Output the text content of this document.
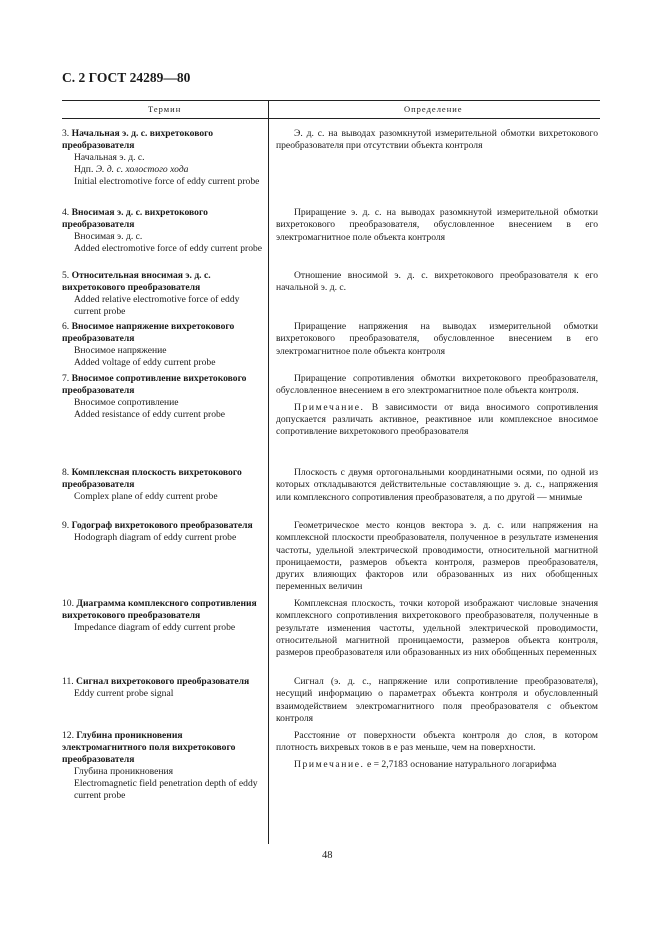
С. 2 ГОСТ 24289—80
Термин	Определение
3. Начальная э. д. с. вихретокового преобразователя
Начальная э. д. с.
Ндп. Э. д. с. холостого хода
Initial electromotive force of eddy current probe

Э. д. с. на выводах разомкнутой измерительной обмотки вихретокового преобразователя при отсутствии объекта контроля

4. Вносимая э. д. с. вихретокового преобразователя
Вносимая э. д. с.
Added electromotive force of eddy current probe

Приращение э. д. с. на выводах разомкнутой измерительной обмотки вихретокового преобразователя, обусловленное внесением в его электромагнитное поле объекта контроля

5. Относительная вносимая э. д. с. вихретокового преобразователя
Added relative electromotive force of eddy current probe

Отношение вносимой э. д. с. вихретокового преобразователя к его начальной э. д. с.

6. Вносимое напряжение вихретокового преобразователя
Вносимое напряжение
Added voltage of eddy current probe

Приращение напряжения на выводах измерительной обмотки вихретокового преобразователя, обусловленное внесением в его электромагнитное поле объекта контроля

7. Вносимое сопротивление вихретокового преобразователя
Вносимое сопротивление
Added resistance of eddy current probe

Приращение сопротивления обмотки вихретокового преобразователя, обусловленное внесением в его электромагнитное поле объекта контроля.

Примечание. В зависимости от вида вносимого сопротивления допускается различать активное, реактивное или комплексное вносимое сопротивление вихретокового преобразователя

8. Комплексная плоскость вихретокового преобразователя
Complex plane of eddy current probe

Плоскость с двумя ортогональными координатными осями, по одной из которых откладываются действительные составляющие э. д. с., напряжения или комплексного сопротивления преобразователя, а по другой — мнимые

9. Годограф вихретокового преобразователя
Hodograph diagram of eddy current probe

Геометрическое место концов вектора э. д. с. или напряжения на комплексной плоскости преобразователя, полученное в результате изменения частоты, удельной электрической проводимости, относительной магнитной проницаемости, размеров объекта контроля, размеров преобразователя, других влияющих факторов или образованных из них обобщенных переменных величин

10. Диаграмма комплексного сопротивления вихретокового преобразователя
Impedance diagram of eddy current probe

Комплексная плоскость, точки которой изображают числовые значения комплексного сопротивления вихретокового преобразователя, полученные в результате изменения частоты, удельной электрической проводимости, относительной магнитной проницаемости, размеров объекта контроля, размеров преобразователя или образованных из них обобщенных переменных

11. Сигнал вихретокового преобразователя
Eddy current probe signal

Сигнал (э. д. с., напряжение или сопротивление преобразователя), несущий информацию о параметрах объекта контроля и обусловленный взаимодействием электромагнитного поля преобразователя с объектом контроля

12. Глубина проникновения электромагнитного поля вихретокового преобразователя
Глубина проникновения
Electromagnetic field penetration depth of eddy current probe

Расстояние от поверхности объекта контроля до слоя, в котором плотность вихревых токов в e раз меньше, чем на поверхности.

Примечание. e = 2,7183 основание натурального логарифма

48
